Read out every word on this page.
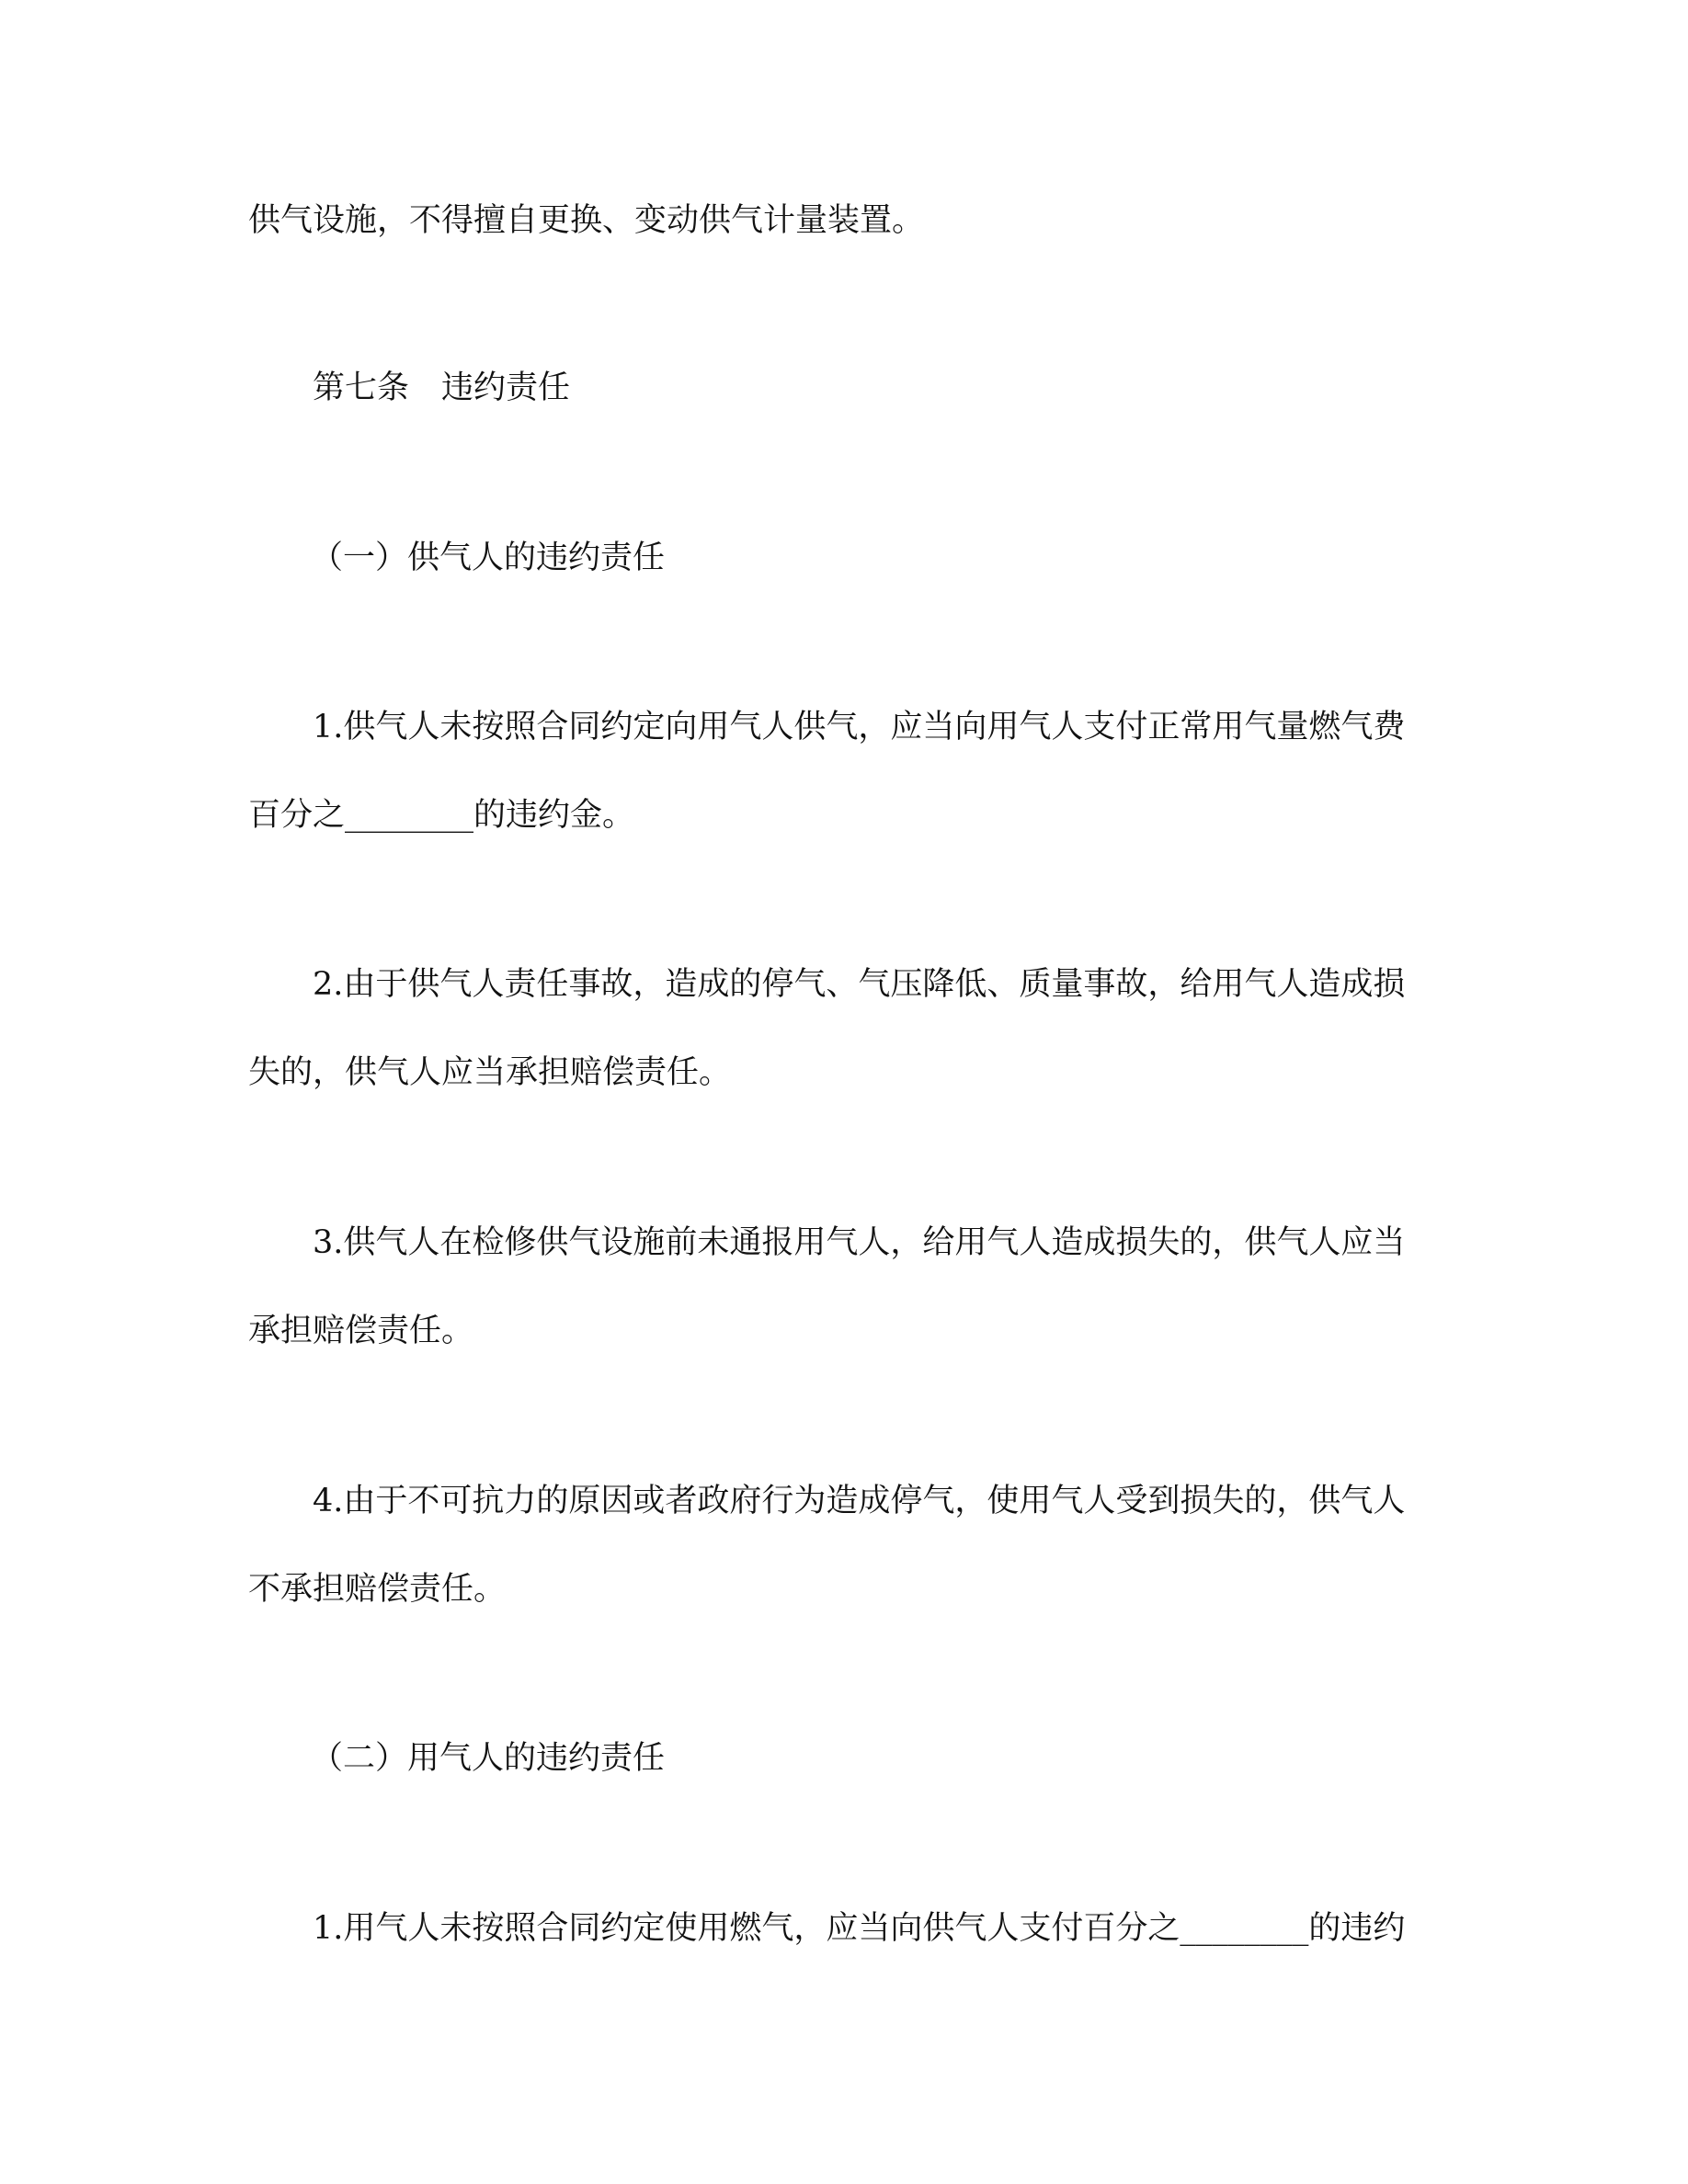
供气设施，不得擅自更换、变动供气计量装置。
第七条　违约责任
（一）供气人的违约责任
1.供气人未按照合同约定向用气人供气，应当向用气人支付正常用气量燃气费
百分之________的违约金。
2.由于供气人责任事故，造成的停气、气压降低、质量事故，给用气人造成损
失的，供气人应当承担赔偿责任。
3.供气人在检修供气设施前未通报用气人，给用气人造成损失的，供气人应当
承担赔偿责任。
4.由于不可抗力的原因或者政府行为造成停气，使用气人受到损失的，供气人
不承担赔偿责任。
（二）用气人的违约责任
1.用气人未按照合同约定使用燃气，应当向供气人支付百分之________的违约
